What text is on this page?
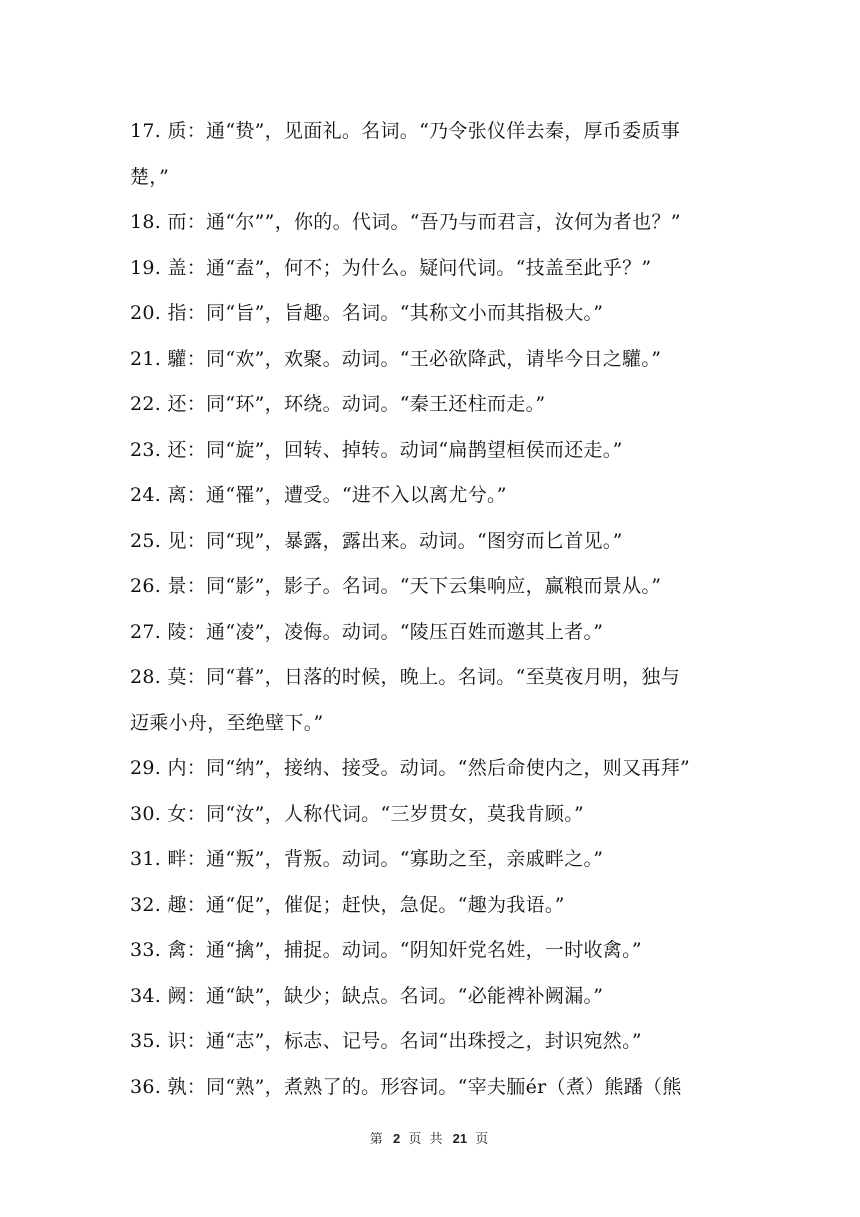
17. 质：通“贽”，见面礼。名词。“乃令张仪佯去秦，厚币委质事
楚，”
18. 而：通“尔””，你的。代词。“吾乃与而君言，汝何为者也？”
19. 盖：通“盍”，何不；为什么。疑问代词。“技盖至此乎？”
20. 指：同“旨”，旨趣。名词。“其称文小而其指极大。”
21. 驩：同“欢”，欢聚。动词。“王必欲降武，请毕今日之驩。”
22. 还：同“环”，环绕。动词。“秦王还柱而走。”
23. 还：同“旋”，回转、掉转。动词“扁鹊望桓侯而还走。”
24. 离：通“罹”，遭受。“进不入以离尤兮。”
25. 见：同“现”，暴露，露出来。动词。“图穷而匕首见。”
26. 景：同“影”，影子。名词。“天下云集响应，赢粮而景从。”
27. 陵：通“凌”，凌侮。动词。“陵压百姓而邀其上者。”
28. 莫：同“暮”，日落的时候，晚上。名词。“至莫夜月明，独与
迈乘小舟，至绝壁下。”
29. 内：同“纳”，接纳、接受。动词。“然后命使内之，则又再拜”
30. 女：同“汝”，人称代词。“三岁贯女，莫我肯顾。”
31. 畔：通“叛”，背叛。动词。“寡助之至，亲戚畔之。”
32. 趣：通“促”，催促；赶快，急促。“趣为我语。”
33. 禽：通“擒”，捕捉。动词。“阴知奸党名姓，一时收禽。”
34. 阙：通“缺”，缺少；缺点。名词。“必能裨补阙漏。”
35. 识：通“志”，标志、记号。名词“出珠授之，封识宛然。”
36. 孰：同“熟”，煮熟了的。形容词。“宰夫胹ér（煮）熊蹯（熊
第 2 页 共 21 页
